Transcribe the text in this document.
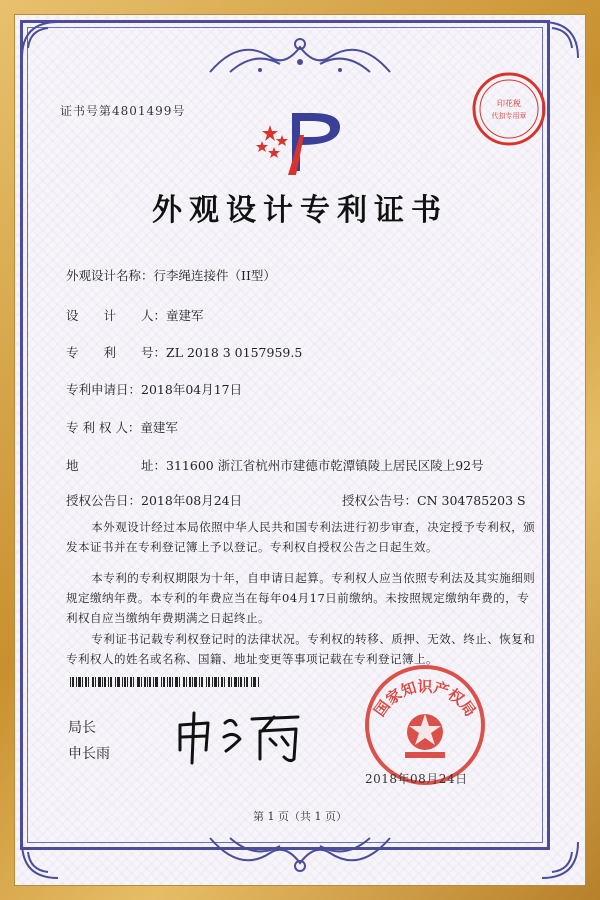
证书号第4801499号
印花税
代扣专用章
外观设计专利证书
外观设计名称：行李绳连接件（II型）
设　　计　　人：童建军
专　　利　　号：ZL 2018 3 0157959.5
专利申请日：2018年04月17日
专 利 权 人：童建军
地　　　　　址：311600 浙江省杭州市建德市乾潭镇陵上居民区陵上92号
授权公告日：2018年08月24日	授权公告号：CN 304785203 S
本外观设计经过本局依照中华人民共和国专利法进行初步审查，决定授予专利权，颁发本证书并在专利登记簿上予以登记。专利权自授权公告之日起生效。
本专利的专利权期限为十年，自申请日起算。专利权人应当依照专利法及其实施细则规定缴纳年费。本专利的年费应当在每年04月17日前缴纳。未按照规定缴纳年费的，专利权自应当缴纳年费期满之日起终止。
专利证书记载专利权登记时的法律状况。专利权的转移、质押、无效、终止、恢复和专利权人的姓名或名称、国籍、地址变更等事项记载在专利登记簿上。
局长
申长雨
国家知识产权局
2018年08月24日
第 1 页（共 1 页）
